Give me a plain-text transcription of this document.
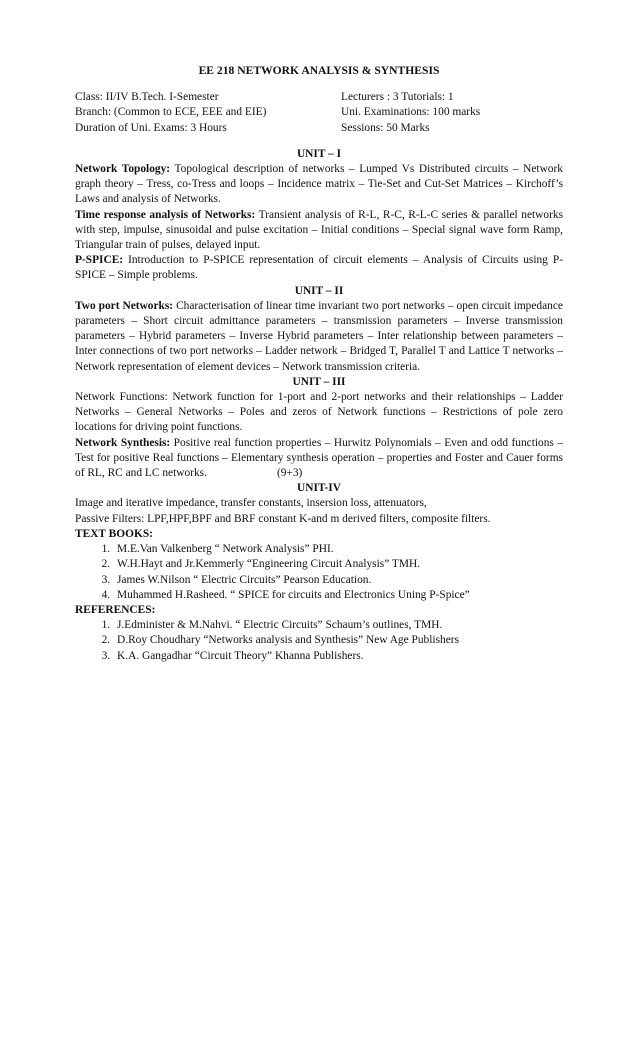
EE 218 NETWORK ANALYSIS & SYNTHESIS
Class: II/IV B.Tech. I-Semester	Lecturers : 3 Tutorials: 1
Branch: (Common to ECE, EEE and EIE)	Uni. Examinations: 100 marks
Duration of Uni. Exams: 3 Hours	Sessions: 50 Marks
UNIT – I

Network Topology: Topological description of networks – Lumped Vs Distributed circuits – Network graph theory – Tress, co-Tress and loops – Incidence matrix – Tie-Set and Cut-Set Matrices – Kirchoff’s Laws and analysis of Networks.

Time response analysis of Networks: Transient analysis of R-L, R-C, R-L-C series & parallel networks with step, impulse, sinusoidal and pulse excitation – Initial conditions – Special signal wave form Ramp, Triangular train of pulses, delayed input.

P-SPICE: Introduction to P-SPICE representation of circuit elements – Analysis of Circuits using P-SPICE – Simple problems.

UNIT – II

Two port Networks: Characterisation of linear time invariant two port networks – open circuit impedance parameters – Short circuit admittance parameters – transmission parameters – Inverse transmission parameters – Hybrid parameters – Inverse Hybrid parameters – Inter relationship between parameters – Inter connections of two port networks – Ladder network – Bridged T, Parallel T and Lattice T networks – Network representation of element devices – Network transmission criteria.

UNIT – III

Network Functions: Network function for 1-port and 2-port networks and their relationships – Ladder Networks – General Networks – Poles and zeros of Network functions – Restrictions of pole zero locations for driving point functions.

Network Synthesis: Positive real function properties – Hurwitz Polynomials – Even and odd functions – Test for positive Real functions – Elementary synthesis operation – properties and Foster and Cauer forms of RL, RC and LC networks.	(9+3)

UNIT-IV
Image and iterative impedance, transfer constants, insersion loss, attenuators,
Passive Filters: LPF,HPF,BPF and BRF constant K-and m derived filters, composite filters.
TEXT BOOKS:
1. M.E.Van Valkenberg “ Network Analysis” PHI.
2. W.H.Hayt and Jr.Kemmerly “Engineering Circuit Analysis” TMH.
3. James W.Nilson “ Electric Circuits” Pearson Education.
4. Muhammed H.Rasheed. “ SPICE for circuits and Electronics Uning P-Spice”
REFERENCES:
1. J.Edminister & M.Nahvi. “ Electric Circuits” Schaum’s outlines, TMH.
2. D.Roy Choudhary “Networks analysis and Synthesis” New Age Publishers
3. K.A. Gangadhar “Circuit Theory” Khanna Publishers.
